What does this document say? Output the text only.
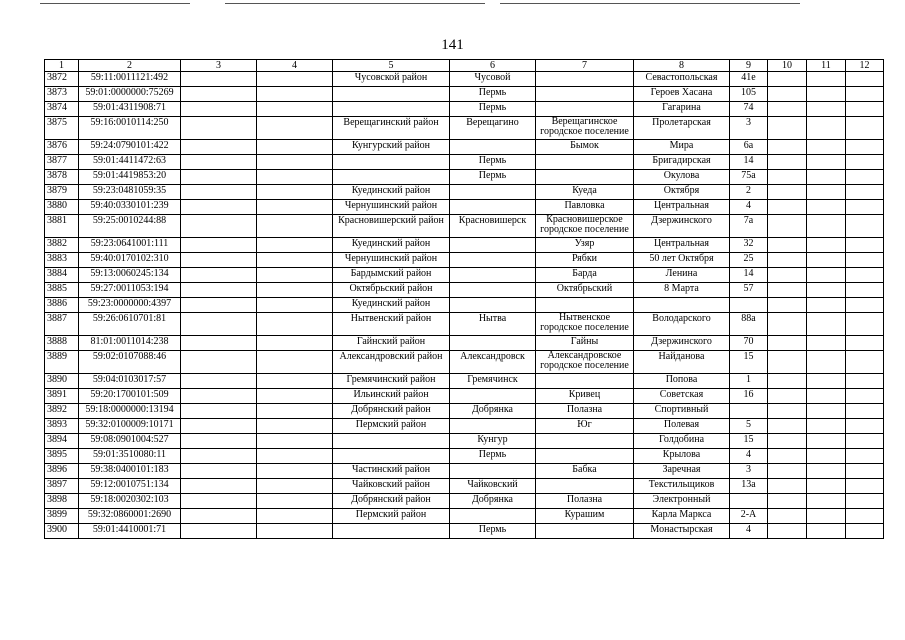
141
1	2	3	4	5	6	7	8	9	10	11	12
3872	59:11:0011121:492			Чусовской район	Чусовой		Севастопольская	41е			
3873	59:01:0000000:75269				Пермь		Героев Хасана	105			
3874	59:01:4311908:71				Пермь		Гагарина	74			
3875	59:16:0010114:250			Верещагинский район	Верещагино	Верещагинское городское поселение	Пролетарская	3			
3876	59:24:0790101:422			Кунгурский район		Бымок	Мира	6а			
3877	59:01:4411472:63				Пермь		Бригадирская	14			
3878	59:01:4419853:20				Пермь		Окулова	75а			
3879	59:23:0481059:35			Куединский район		Куеда	Октября	2			
3880	59:40:0330101:239			Чернушинский район		Павловка	Центральная	4			
3881	59:25:0010244:88			Красновишерский район	Красновишерск	Красновишерское городское поселение	Дзержинского	7а			
3882	59:23:0641001:111			Куединский район		Узяр	Центральная	32			
3883	59:40:0170102:310			Чернушинский район		Рябки	50 лет Октября	25			
3884	59:13:0060245:134			Бардымский район		Барда	Ленина	14			
3885	59:27:0011053:194			Октябрьский район		Октябрьский	8 Марта	57			
3886	59:23:0000000:4397			Куединский район							
3887	59:26:0610701:81			Нытвенский район	Нытва	Нытвенское городское поселение	Володарского	88а			
3888	81:01:0011014:238			Гайнский район		Гайны	Дзержинского	70			
3889	59:02:0107088:46			Александровский район	Александровск	Александровское городское поселение	Найданова	15			
3890	59:04:0103017:57			Гремячинский район	Гремячинск		Попова	1			
3891	59:20:1700101:509			Ильинский район		Кривец	Советская	16			
3892	59:18:0000000:13194			Добрянский район	Добрянка	Полазна	Спортивный				
3893	59:32:0100009:10171			Пермский район		Юг	Полевая	5			
3894	59:08:0901004:527				Кунгур		Голдобина	15			
3895	59:01:3510080:11				Пермь		Крылова	4			
3896	59:38:0400101:183			Частинский район		Бабка	Заречная	3			
3897	59:12:0010751:134			Чайковский район	Чайковский		Текстильщиков	13а			
3898	59:18:0020302:103			Добрянский район	Добрянка	Полазна	Электронный				
3899	59:32:0860001:2690			Пермский район		Курашим	Карла Маркса	2-А			
3900	59:01:4410001:71				Пермь		Монастырская	4			
